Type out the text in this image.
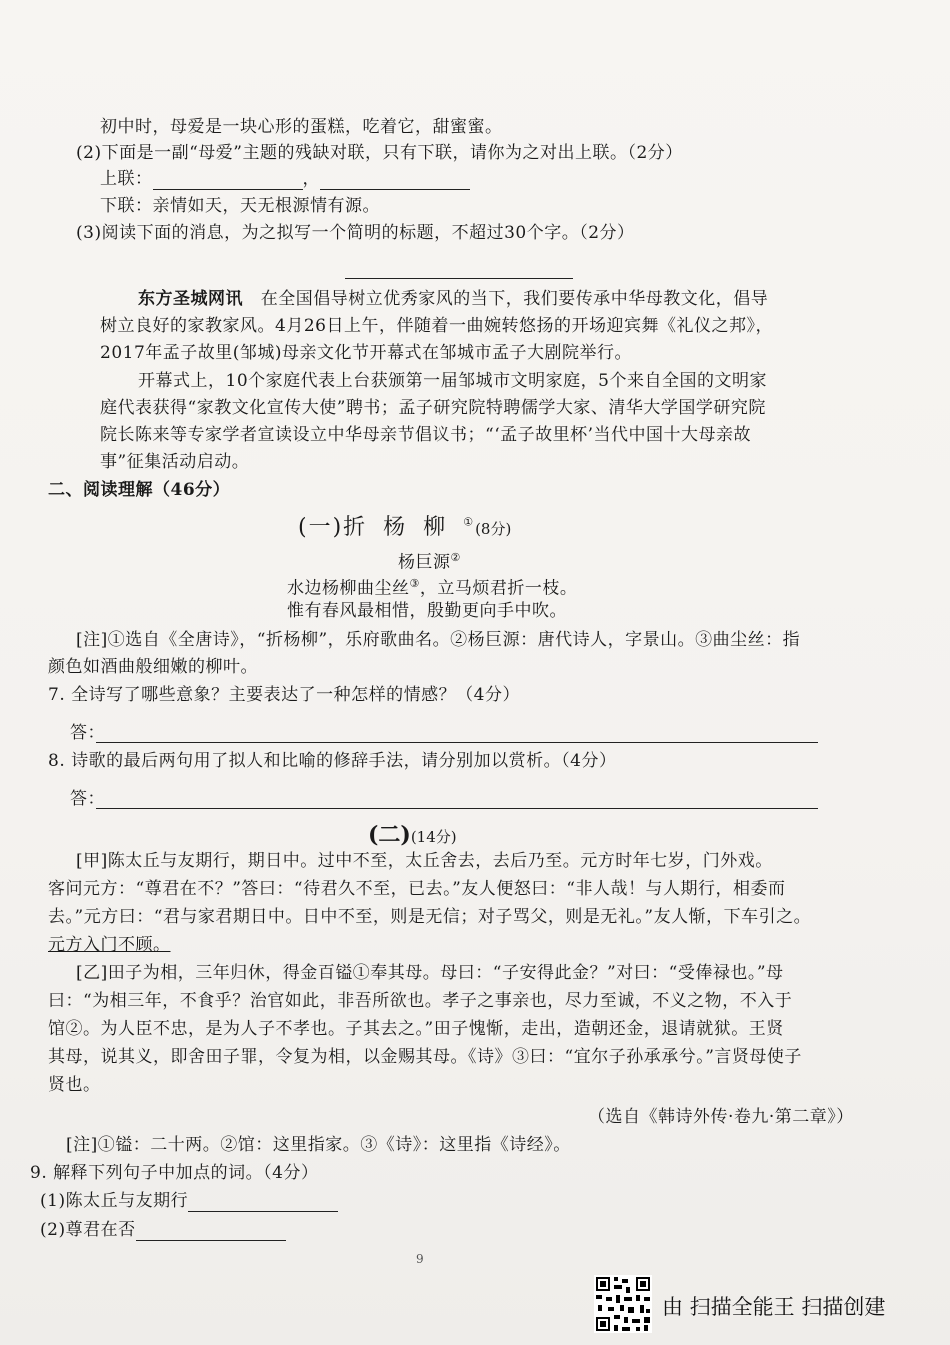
初中时，母爱是一块心形的蛋糕，吃着它，甜蜜蜜。
(2)下面是一副“母爱”主题的残缺对联，只有下联，请你为之对出上联。（2分）
上联：	，
下联：亲情如天，天无根源情有源。
(3)阅读下面的消息，为之拟写一个简明的标题，不超过30个字。（2分）
东方圣城网讯 在全国倡导树立优秀家风的当下，我们要传承中华母教文化，倡导
树立良好的家教家风。4月26日上午，伴随着一曲婉转悠扬的开场迎宾舞《礼仪之邦》，
2017年孟子故里(邹城)母亲文化节开幕式在邹城市孟子大剧院举行。
开幕式上，10个家庭代表上台获颁第一届邹城市文明家庭，5个来自全国的文明家
庭代表获得“家教文化宣传大使”聘书；孟子研究院特聘儒学大家、清华大学国学研究院
院长陈来等专家学者宣读设立中华母亲节倡议书；“‘孟子故里杯’当代中国十大母亲故
事”征集活动启动。
二、阅读理解（46分）
(一)折杨柳①(8分)
杨巨源②
水边杨柳曲尘丝③，立马烦君折一枝。
惟有春风最相惜，殷勤更向手中吹。
[注]①选自《全唐诗》，“折杨柳”，乐府歌曲名。②杨巨源：唐代诗人，字景山。③曲尘丝：指
颜色如酒曲般细嫩的柳叶。
7. 全诗写了哪些意象？主要表达了一种怎样的情感？（4分）
答：
8. 诗歌的最后两句用了拟人和比喻的修辞手法，请分别加以赏析。（4分）
答：
(二)(14分)
[甲]陈太丘与友期行，期日中。过中不至，太丘舍去，去后乃至。元方时年七岁，门外戏。
客问元方：“尊君在不？”答曰：“待君久不至，已去。”友人便怒曰：“非人哉！与人期行，相委而
去。”元方曰：“君与家君期日中。日中不至，则是无信；对子骂父，则是无礼。”友人惭，下车引之。
元方入门不顾。
[乙]田子为相，三年归休，得金百镒①奉其母。母曰：“子安得此金？”对曰：“受俸禄也。”母
曰：“为相三年，不食乎？治官如此，非吾所欲也。孝子之事亲也，尽力至诚，不义之物，不入于
馆②。为人臣不忠，是为人子不孝也。子其去之。”田子愧惭，走出，造朝还金，退请就狱。王贤
其母，说其义，即舍田子罪，令复为相，以金赐其母。《诗》③曰：“宜尔子孙承承兮。”言贤母使子
贤也。
（选自《韩诗外传·卷九·第二章》）
[注]①镒：二十两。②馆：这里指家。③《诗》：这里指《诗经》。
9. 解释下列句子中加点的词。（4分）
(1)陈太丘与友期行
(2)尊君在否
9
由 扫描全能王 扫描创建
